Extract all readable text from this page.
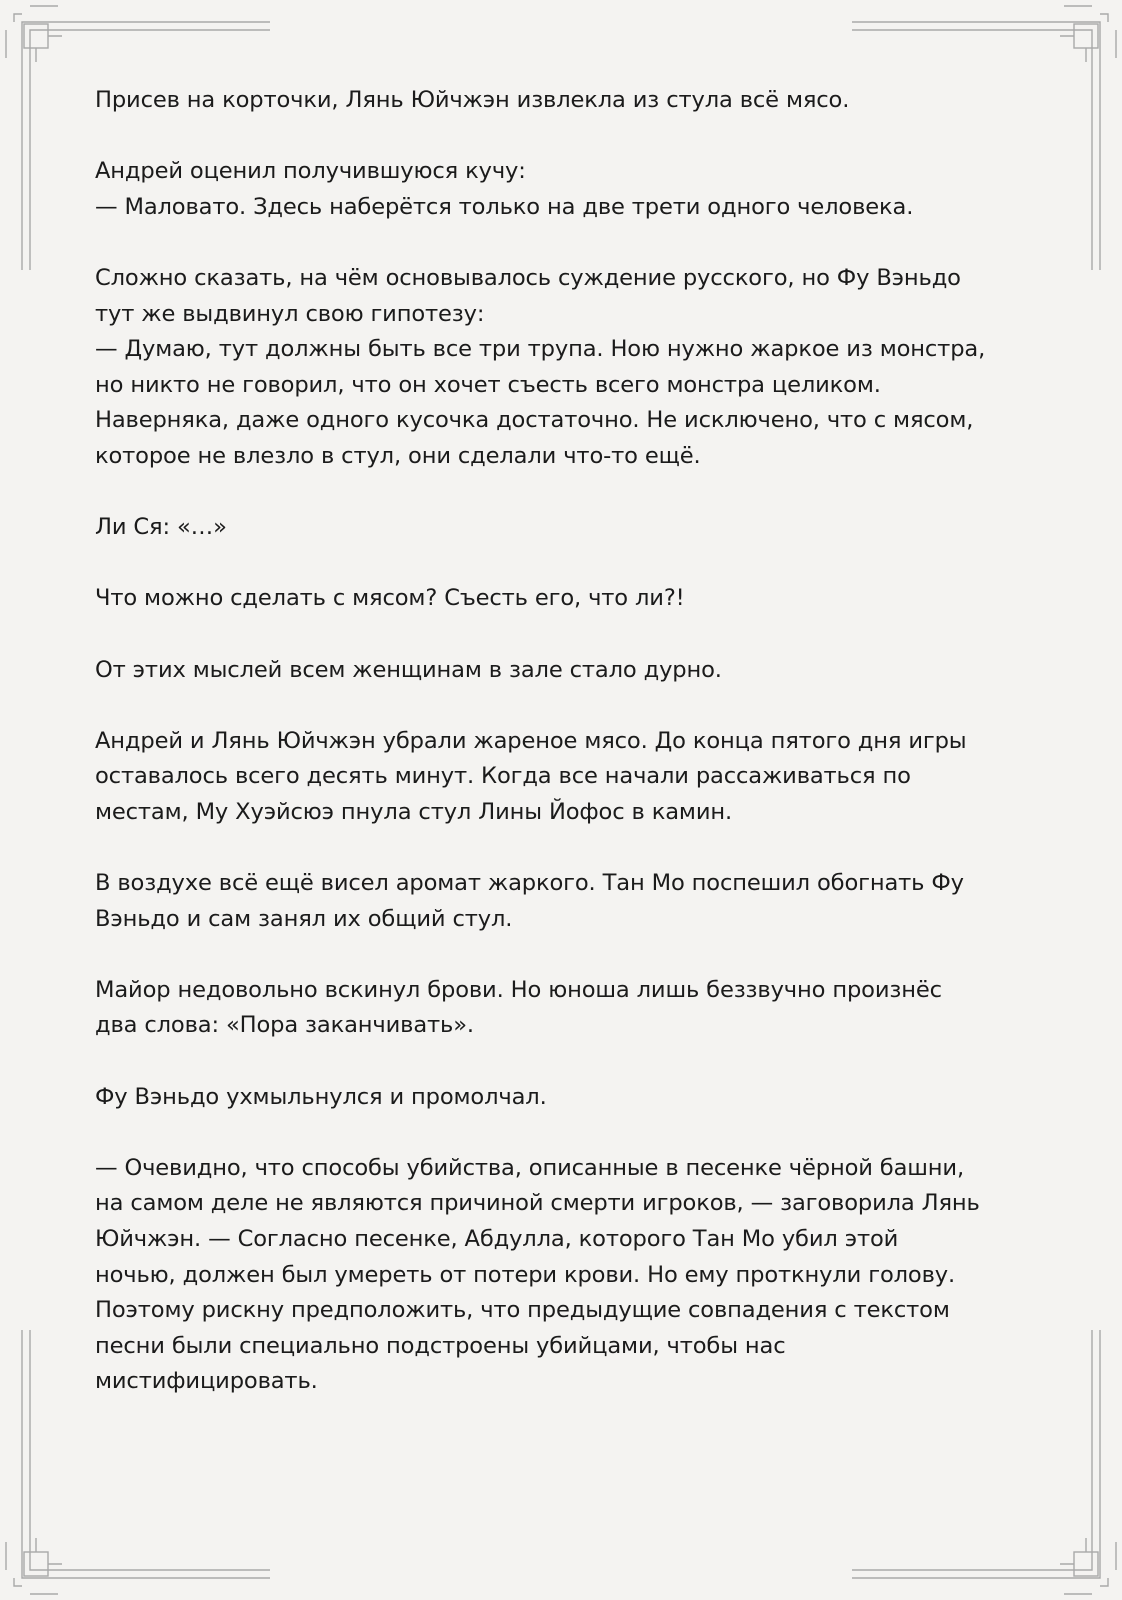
Присев на корточки, Лянь Юйчжэн извлекла из стула всё мясо.

Андрей оценил получившуюся кучу:
— Маловато. Здесь наберётся только на две трети одного человека.

Сложно сказать, на чём основывалось суждение русского, но Фу Вэньдо
тут же выдвинул свою гипотезу:
— Думаю, тут должны быть все три трупа. Ною нужно жаркое из монстра,
но никто не говорил, что он хочет съесть всего монстра целиком.
Наверняка, даже одного кусочка достаточно. Не исключено, что с мясом,
которое не влезло в стул, они сделали что-то ещё.

Ли Ся: «…»

Что можно сделать с мясом? Съесть его, что ли?!

От этих мыслей всем женщинам в зале стало дурно.

Андрей и Лянь Юйчжэн убрали жареное мясо. До конца пятого дня игры
оставалось всего десять минут. Когда все начали рассаживаться по
местам, Му Хуэйсюэ пнула стул Лины Йофос в камин.

В воздухе всё ещё висел аромат жаркого. Тан Мо поспешил обогнать Фу
Вэньдо и сам занял их общий стул.

Майор недовольно вскинул брови. Но юноша лишь беззвучно произнёс
два слова: «Пора заканчивать».

Фу Вэньдо ухмыльнулся и промолчал.

— Очевидно, что способы убийства, описанные в песенке чёрной башни,
на самом деле не являются причиной смерти игроков, — заговорила Лянь
Юйчжэн. — Согласно песенке, Абдулла, которого Тан Мо убил этой
ночью, должен был умереть от потери крови. Но ему проткнули голову.
Поэтому рискну предположить, что предыдущие совпадения с текстом
песни были специально подстроены убийцами, чтобы нас
мистифицировать.
